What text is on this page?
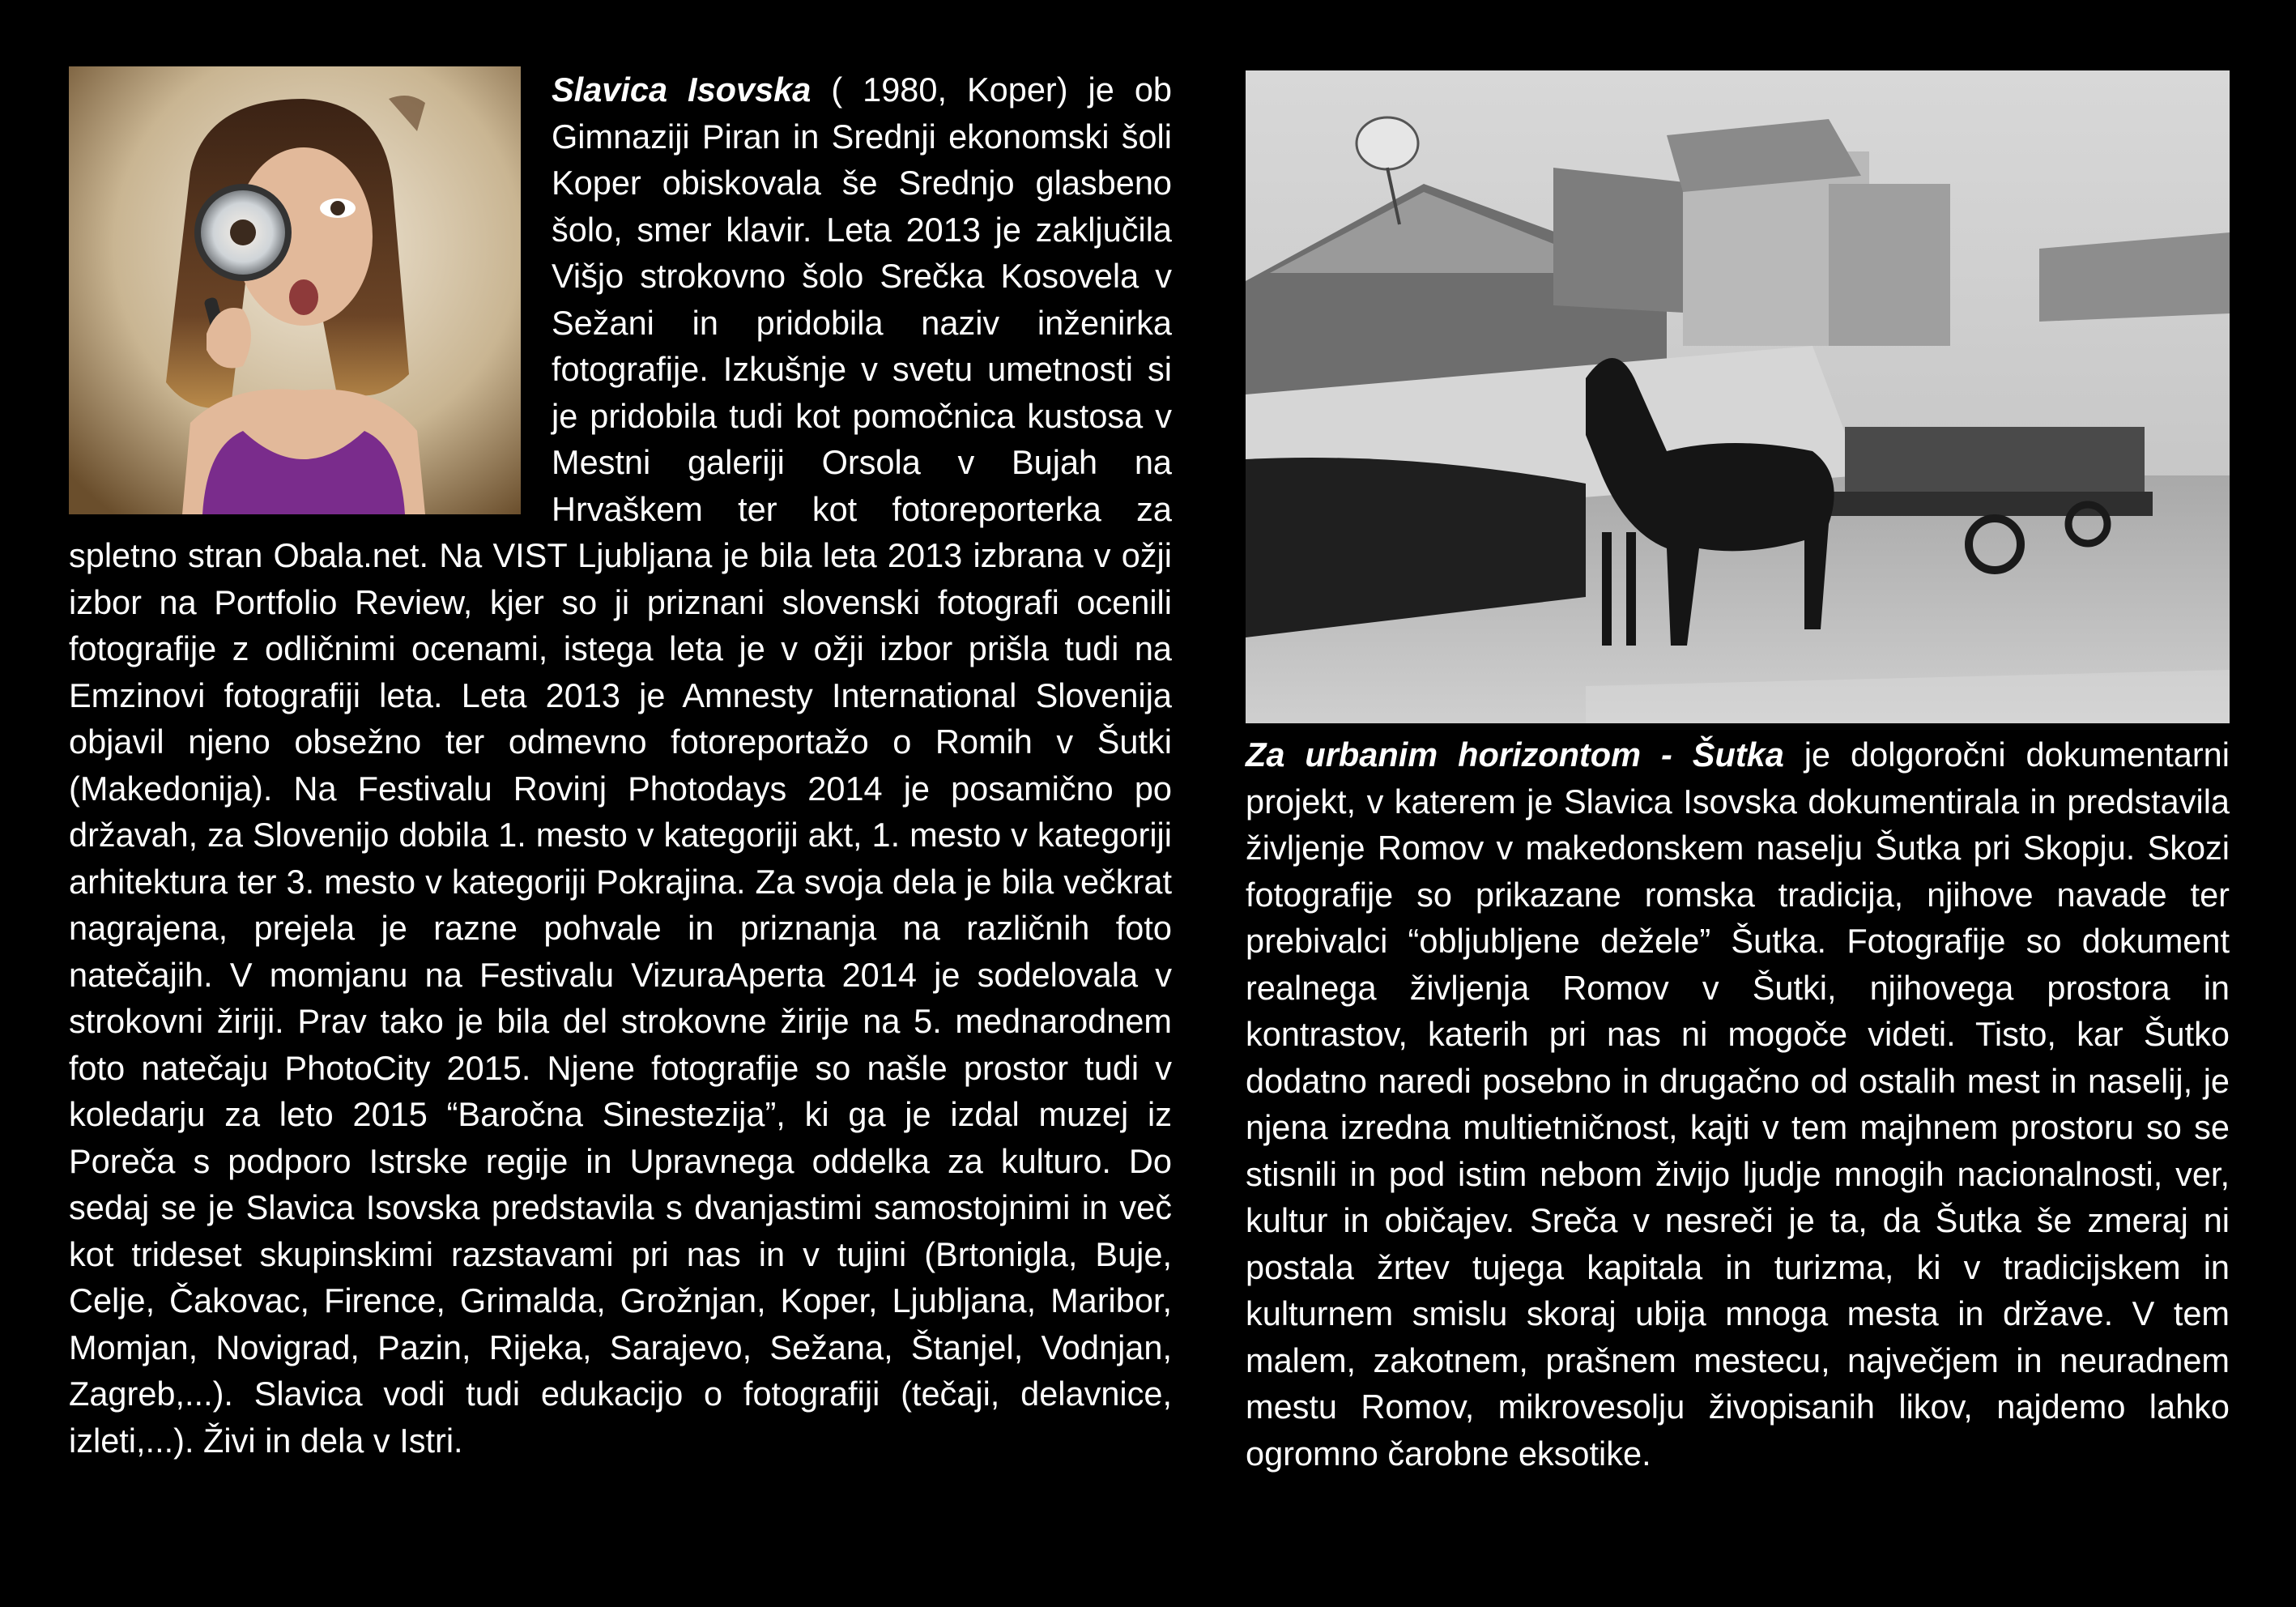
Slavica Isovska ( 1980, Koper) je ob Gimnaziji Piran in Srednji ekonomski šoli Koper obiskovala še Srednjo glasbeno šolo, smer klavir. Leta 2013 je zaključila Višjo strokovno šolo Srečka Kosovela v Sežani in pridobila naziv inženirka fotografije. Izkušnje v svetu umetnosti si je pridobila tudi kot pomočnica kustosa v Mestni galeriji Orsola v Bujah na Hrvaškem ter kot fotoreporterka za spletno stran Obala.net. Na VIST Ljubljana je bila leta 2013 izbrana v ožji izbor na Portfolio Review, kjer so ji priznani slovenski fotografi ocenili fotografije z odličnimi ocenami, istega leta je v ožji izbor prišla tudi na Emzinovi fotografiji leta. Leta 2013 je Amnesty International Slovenija objavil njeno obsežno ter odmevno fotoreportažo o Romih v Šutki (Makedonija). Na Festivalu Rovinj Photodays 2014 je posamično po državah, za Slovenijo dobila 1. mesto v kategoriji akt, 1. mesto v kategoriji arhitektura ter 3. mesto v kategoriji Pokrajina. Za svoja dela je bila večkrat nagrajena, prejela je razne pohvale in priznanja na različnih foto natečajih. V momjanu na Festivalu VizuraAperta 2014 je sodelovala v strokovni žiriji. Prav tako je bila del strokovne žirije na 5. mednarodnem foto natečaju PhotoCity 2015. Njene fotografije so našle prostor tudi v koledarju za leto 2015 “Baročna Sinestezija”, ki ga je izdal muzej iz Poreča s podporo Istrske regije in Upravnega oddelka za kulturo. Do sedaj se je Slavica Isovska predstavila s dvanjastimi samostojnimi in več kot trideset skupinskimi razstavami pri nas in v tujini (Brtonigla, Buje, Celje, Čakovac, Firence, Grimalda, Grožnjan, Koper, Ljubljana, Maribor, Momjan, Novigrad, Pazin, Rijeka, Sarajevo, Sežana, Štanjel, Vodnjan, Zagreb,...). Slavica vodi tudi edukacijo o fotografiji (tečaji, delavnice, izleti,...). Živi in dela v Istri.

Za urbanim horizontom - Šutka je dolgoročni dokumentarni projekt, v katerem je Slavica Isovska dokumentirala in predstavila življenje Romov v makedonskem naselju Šutka pri Skopju. Skozi fotografije so prikazane romska tradicija, njihove navade ter prebivalci “obljubljene dežele” Šutka. Fotografije so dokument realnega življenja Romov v Šutki, njihovega prostora in kontrastov, katerih pri nas ni mogoče videti. Tisto, kar Šutko dodatno naredi posebno in drugačno od ostalih mest in naselij, je njena izredna multietničnost, kajti v tem majhnem prostoru so se stisnili in pod istim nebom živijo ljudje mnogih nacionalnosti, ver, kultur in običajev. Sreča v nesreči je ta, da Šutka še zmeraj ni postala žrtev tujega kapitala in turizma, ki v tradicijskem in kulturnem smislu skoraj ubija mnoga mesta in države. V tem malem, zakotnem, prašnem mestecu, največjem in neuradnem mestu Romov, mikrovesolju živopisanih likov, najdemo lahko ogromno čarobne eksotike.
